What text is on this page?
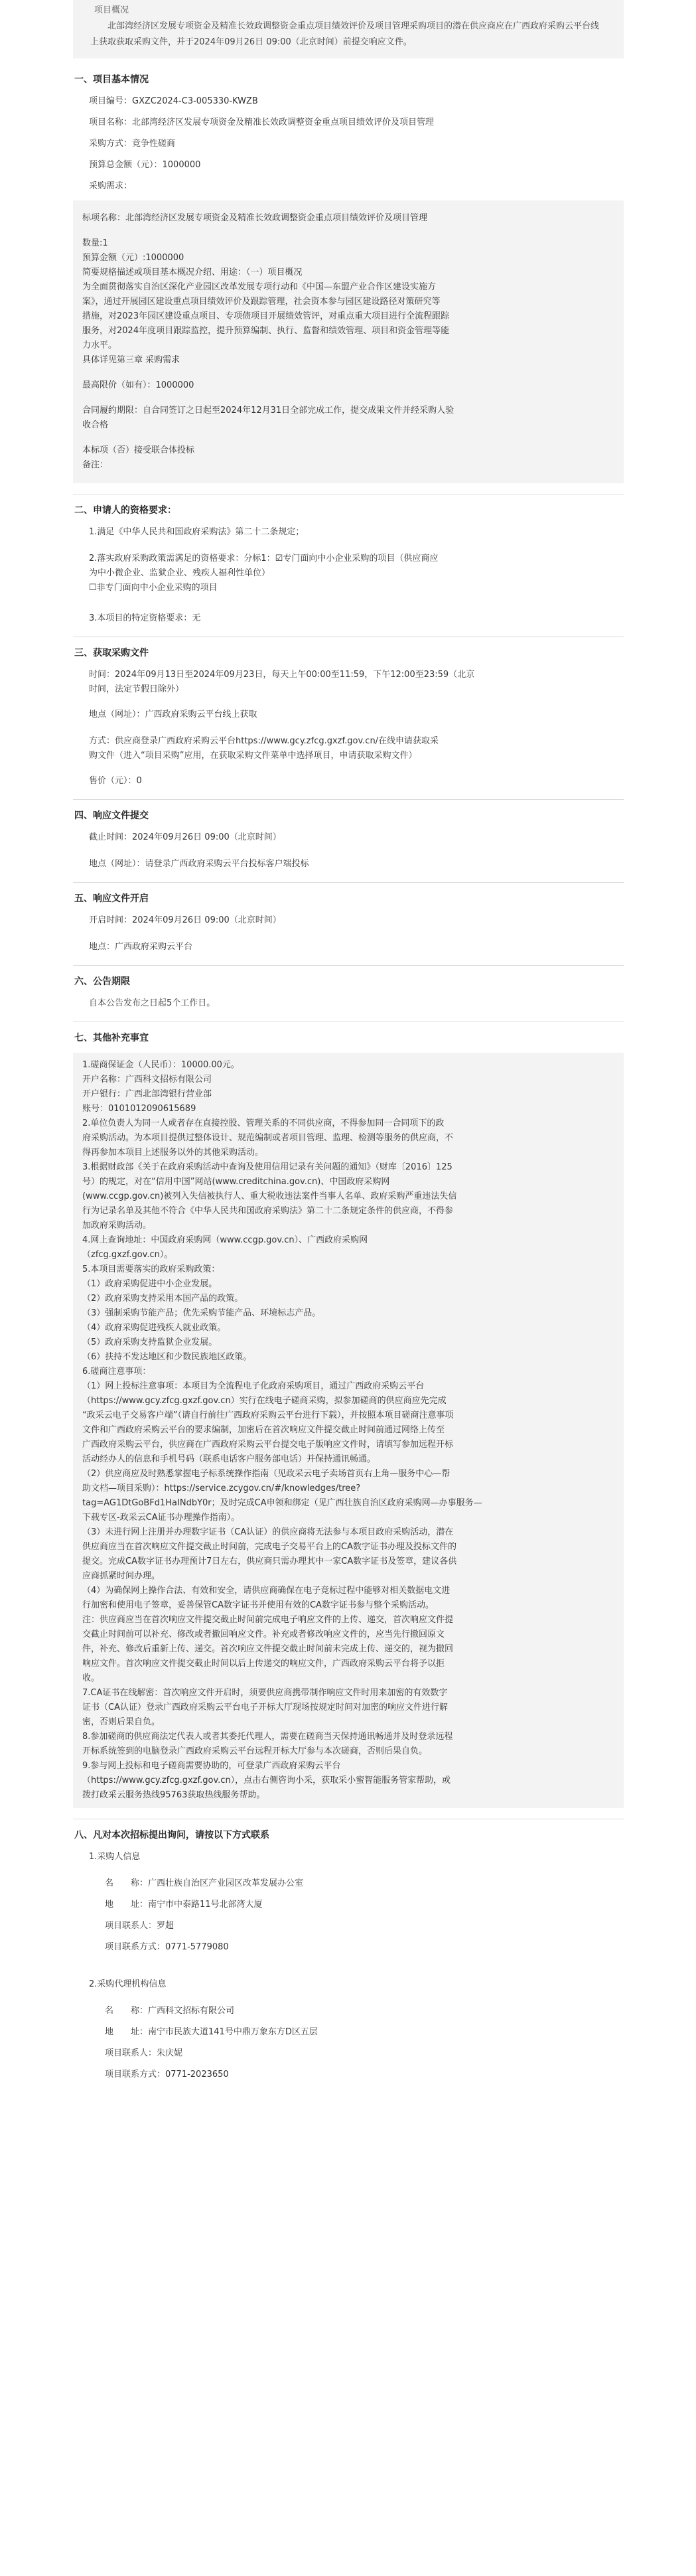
项目概况
北部湾经济区发展专项资金及精准长效政调整资金重点项目绩效评价及项目管理采购项目的潜在供应商应在广西政府采购云平台线上获取获取采购文件，并于2024年09月26日 09:00（北京时间）前提交响应文件。
一、项目基本情况

项目编号：GXZC2024-C3-005330-KWZB

项目名称：北部湾经济区发展专项资金及精准长效政调整资金重点项目绩效评价及项目管理

采购方式：竞争性磋商

预算总金额（元）：1000000

采购需求：

标项名称：北部湾经济区发展专项资金及精准长效政调整资金重点项目绩效评价及项目管理

数量:1

预算金额（元）:1000000

简要规格描述或项目基本概况介绍、用途：（一）项目概况

为全面贯彻落实自治区深化产业园区改革发展专项行动和《中国—东盟产业合作区建设实施方

案》，通过开展园区建设重点项目绩效评价及跟踪管理，社会资本参与园区建设路径对策研究等

措施，对2023年园区建设重点项目、专项债项目开展绩效管评，对重点重大项目进行全流程跟踪

服务，对2024年度项目跟踪监控，提升预算编制、执行、监督和绩效管理、项目和资金管理等能

力水平。

具体详见第三章 采购需求

最高限价（如有）：1000000

合同履约期限：自合同签订之日起至2024年12月31日全部完成工作，提交成果文件并经采购人验

收合格

本标项（否）接受联合体投标

备注：

二、申请人的资格要求：

1.满足《中华人民共和国政府采购法》第二十二条规定；

2.落实政府采购政策需满足的资格要求：分标1：☑专门面向中小企业采购的项目（供应商应

为中小微企业、监狱企业、残疾人福利性单位）

☐非专门面向中小企业采购的项目

3.本项目的特定资格要求：无

三、获取采购文件

时间：2024年09月13日至2024年09月23日，每天上午00:00至11:59，下午12:00至23:59（北京

时间，法定节假日除外）

地点（网址）：广西政府采购云平台线上获取

方式：供应商登录广西政府采购云平台https://www.gcy.zfcg.gxzf.gov.cn/在线申请获取采

购文件（进入“项目采购”应用，在获取采购文件菜单中选择项目，申请获取采购文件）

售价（元）：0

四、响应文件提交

截止时间：2024年09月26日 09:00（北京时间）

地点（网址）：请登录广西政府采购云平台投标客户端投标

五、响应文件开启

开启时间：2024年09月26日 09:00（北京时间）

地点：广西政府采购云平台

六、公告期限

自本公告发布之日起5个工作日。

七、其他补充事宜

1.磋商保证金（人民币）：10000.00元。

开户名称：广西科文招标有限公司

开户银行：广西北部湾银行营业部

账号：0101012090615689

2.单位负责人为同一人或者存在直接控股、管理关系的不同供应商，不得参加同一合同项下的政

府采购活动。为本项目提供过整体设计、规范编制或者项目管理、监理、检测等服务的供应商，不

得再参加本项目上述服务以外的其他采购活动。

3.根据财政部《关于在政府采购活动中查询及使用信用记录有关问题的通知》（财库〔2016〕125

号）的规定，对在“信用中国”网站(www.creditchina.gov.cn)、中国政府采购网

(www.ccgp.gov.cn)被列入失信被执行人、重大税收违法案件当事人名单、政府采购严重违法失信

行为记录名单及其他不符合《中华人民共和国政府采购法》第二十二条规定条件的供应商，不得参

加政府采购活动。

4.网上查询地址：中国政府采购网（www.ccgp.gov.cn）、广西政府采购网

（zfcg.gxzf.gov.cn）。

5.本项目需要落实的政府采购政策：

（1）政府采购促进中小企业发展。

（2）政府采购支持采用本国产品的政策。

（3）强制采购节能产品；优先采购节能产品、环境标志产品。

（4）政府采购促进残疾人就业政策。

（5）政府采购支持监狱企业发展。

（6）扶持不发达地区和少数民族地区政策。

6.磋商注意事项：

（1）网上投标注意事项：本项目为全流程电子化政府采购项目，通过广西政府采购云平台

（https://www.gcy.zfcg.gxzf.gov.cn）实行在线电子磋商采购，拟参加磋商的供应商应先完成

“政采云电子交易客户端”（请自行前往广西政府采购云平台进行下载），并按照本项目磋商注意事项

文件和广西政府采购云平台的要求编制，加密后在首次响应文件提交截止时间前通过网络上传至

广西政府采购云平台，供应商在广西政府采购云平台提交电子版响应文件时，请填写参加远程开标

活动经办人的信息和手机号码（联系电话客户服务部电话）并保持通讯畅通。

（2）供应商应及时熟悉掌握电子标系统操作指南（见政采云电子卖场首页右上角—服务中心—帮

助文档—项目采购）：https://service.zcygov.cn/#/knowledges/tree?

tag=AG1DtGoBFd1HaINdbY0r；及时完成CA申领和绑定（见广西壮族自治区政府采购网—办事服务—

下载专区-政采云CA证书办理操作指南）。

（3）未进行网上注册并办理数字证书（CA认证）的供应商将无法参与本项目政府采购活动，潜在

供应商应当在首次响应文件提交截止时间前，完成电子交易平台上的CA数字证书办理及投标文件的

提交。完成CA数字证书办理预计7日左右，供应商只需办理其中一家CA数字证书及签章，建议各供

应商抓紧时间办理。

（4）为确保网上操作合法、有效和安全，请供应商确保在电子竞标过程中能够对相关数据电文进

行加密和使用电子签章，妥善保管CA数字证书并使用有效的CA数字证书参与整个采购活动。

注：供应商应当在首次响应文件提交截止时间前完成电子响应文件的上传、递交，首次响应文件提

交截止时间前可以补充、修改或者撤回响应文件。补充或者修改响应文件的，应当先行撤回原文

件，补充、修改后重新上传、递交。首次响应文件提交截止时间前未完成上传、递交的，视为撤回

响应文件。首次响应文件提交截止时间以后上传递交的响应文件，广西政府采购云平台将予以拒

收。

7.CA证书在线解密：首次响应文件开启时，须要供应商携带制作响应文件时用来加密的有效数字

证书（CA认证）登录广西政府采购云平台电子开标大厅现场按规定时间对加密的响应文件进行解

密，否则后果自负。

8.参加磋商的供应商法定代表人或者其委托代理人，需要在磋商当天保持通讯畅通并及时登录远程

开标系统签到的电脑登录广西政府采购云平台远程开标大厅参与本次磋商，否则后果自负。

9.参与网上投标和电子磋商需要协助的，可登录广西政府采购云平台

（https://www.gcy.zfcg.gxzf.gov.cn），点击右侧咨询小采，获取采小蜜智能服务管家帮助，或

拨打政采云服务热线95763获取热线服务帮助。

八、凡对本次招标提出询问，请按以下方式联系

1.采购人信息

名　　称：广西壮族自治区产业园区改革发展办公室

地　　址：南宁市中泰路11号北部湾大厦

项目联系人：罗超

项目联系方式：0771-5779080

2.采购代理机构信息

名　　称：广西科文招标有限公司

地　　址：南宁市民族大道141号中鼎万象东方D区五层

项目联系人：朱庆妮

项目联系方式：0771-2023650
